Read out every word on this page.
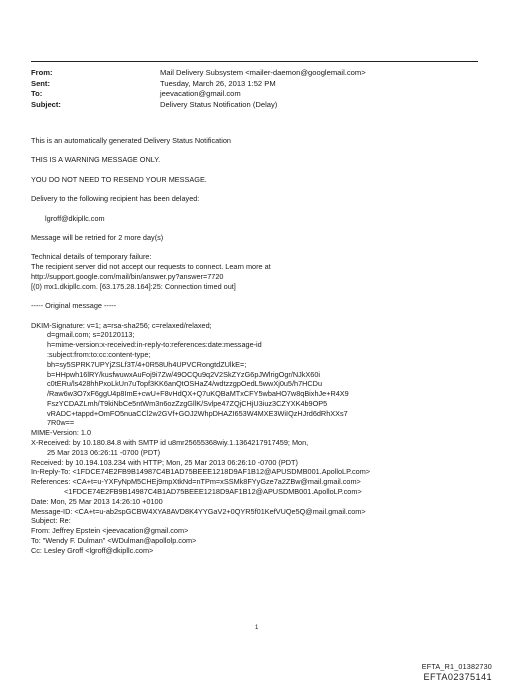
From:	Mail Delivery Subsystem <mailer-daemon@googlemail.com>
Sent:	Tuesday, March 26, 2013 1:52 PM
To:	jeevacation@gmail.com
Subject:	Delivery Status Notification (Delay)

This is an automatically generated Delivery Status Notification

THIS IS A WARNING MESSAGE ONLY.

YOU DO NOT NEED TO RESEND YOUR MESSAGE.

Delivery to the following recipient has been delayed:

lgroff@dkipllc.com

Message will be retried for 2 more day(s)

Technical details of temporary failure:

The recipient server did not accept our requests to connect. Learn more at

http://support.google.com/mail/bin/answer.py?answer=7720

[(0) mx1.dkipllc.com. [63.175.28.164]:25: Connection timed out]

----- Original message -----

DKIM-Signature: v=1; a=rsa-sha256; c=relaxed/relaxed;

d=gmail.com; s=20120113;

h=mime-version:x-received:in-reply-to:references:date:message-id

:subject:from:to:cc:content-type;

bh=sy5SPRK7UPYjZSLf3T/4+0R58Uh4UPVCRongtdZUlkE=;

b=HHpwh16lRY/kusfwuwxAuFoj9i7Zw/49OCQu9q2V2SkZYzG6pJWlrigOgr/NJkX60i

c0tERu/ls428hhPxoLkUn7uTopf3KK6anQtOSHaZ4/wdtzzgpOedL5wwXj0u5/h7HCDu

/Raw6w3O7xF6ggU4p8ImE+cwU+F8vHdQX+Q7uKQBaMTxCFY5wbaHO7w8qBixhJe+R4X9

FszYCDAZLmh/T9kiNbCe5ntWm3n6ozZzgGllK/Svlpe47ZQjCHjU3iuz3CZYXK4b9OP5

vRADC+tappd+OmFO5nuaCCl2w2GVf+GOJ2WhpDHAZI653W4MXE3WiIQzHJrd6dRhXXs7

7R0w==

MIME-Version: 1.0

X-Received: by 10.180.84.8 with SMTP id u8mr25655368wiy.1.1364217917459; Mon,

25 Mar 2013 06:26:11 -0700 (PDT)

Received: by 10.194.103.234 with HTTP; Mon, 25 Mar 2013 06:26:10 -0700 (PDT)

In-Reply-To: <1FDCE74E2FB9B14987C4B1AD75BEEE1218D9AF1B12@APUSDMB001.ApolloLP.com>

References: <CA+t=u-YXFyNpM5CHEj9mpXtkNd=nTPm=xSSMk8FYyGze7a2ZBw@mail.gmail.com>

<1FDCE74E2FB9B14987C4B1AD75BEEE1218D9AF1B12@APUSDMB001.ApolloLP.com>

Date: Mon, 25 Mar 2013 14:26:10 +0100

Message-ID: <CA+t=u-ab2spGCBW4XYA8AVD8K4YYGaV2+0QYR5f01KefVUQe5Q@mail.gmail.com>

Subject: Re:

From: Jeffrey Epstein <jeevacation@gmail.com>

To: "Wendy F. Dulman" <WDulman@apollolp.com>

Cc: Lesley Groff <lgroff@dkipllc.com>

1
EFTA_R1_01382730
EFTA02375141
